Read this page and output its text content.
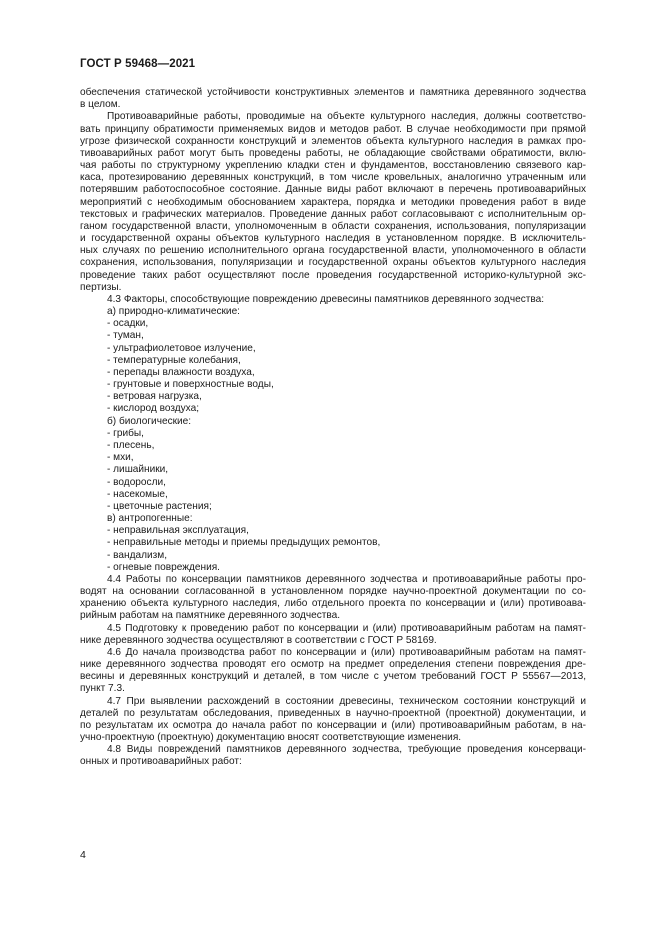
ГОСТ Р 59468—2021
обеспечения статической устойчивости конструктивных элементов и памятника деревянного зодчества
в целом.
Противоаварийные работы, проводимые на объекте культурного наследия, должны соответство-
вать принципу обратимости применяемых видов и методов работ. В случае необходимости при прямой
угрозе физической сохранности конструкций и элементов объекта культурного наследия в рамках про-
тивоаварийных работ могут быть проведены работы, не обладающие свойствами обратимости, вклю-
чая работы по структурному укреплению кладки стен и фундаментов, восстановлению связевого кар-
каса, протезированию деревянных конструкций, в том числе кровельных, аналогично утраченным или
потерявшим работоспособное состояние. Данные виды работ включают в перечень противоаварийных
мероприятий с необходимым обоснованием характера, порядка и методики проведения работ в виде
текстовых и графических материалов. Проведение данных работ согласовывают с исполнительным ор-
ганом государственной власти, уполномоченным в области сохранения, использования, популяризации
и государственной охраны объектов культурного наследия в установленном порядке. В исключитель-
ных случаях по решению исполнительного органа государственной власти, уполномоченного в области
сохранения, использования, популяризации и государственной охраны объектов культурного наследия
проведение таких работ осуществляют после проведения государственной историко-культурной экс-
пертизы.
4.3 Факторы, способствующие повреждению древесины памятников деревянного зодчества:
а) природно-климатические:
- осадки,
- туман,
- ультрафиолетовое излучение,
- температурные колебания,
- перепады влажности воздуха,
- грунтовые и поверхностные воды,
- ветровая нагрузка,
- кислород воздуха;
б) биологические:
- грибы,
- плесень,
- мхи,
- лишайники,
- водоросли,
- насекомые,
- цветочные растения;
в) антропогенные:
- неправильная эксплуатация,
- неправильные методы и приемы предыдущих ремонтов,
- вандализм,
- огневые повреждения.
4.4 Работы по консервации памятников деревянного зодчества и противоаварийные работы про-
водят на основании согласованной в установленном порядке научно-проектной документации по со-
хранению объекта культурного наследия, либо отдельного проекта по консервации и (или) противоава-
рийным работам на памятнике деревянного зодчества.
4.5 Подготовку к проведению работ по консервации и (или) противоаварийным работам на памят-
нике деревянного зодчества осуществляют в соответствии с ГОСТ Р 58169.
4.6 До начала производства работ по консервации и (или) противоаварийным работам на памят-
нике деревянного зодчества проводят его осмотр на предмет определения степени повреждения дре-
весины и деревянных конструкций и деталей, в том числе с учетом требований ГОСТ Р 55567—2013,
пункт 7.3.
4.7 При выявлении расхождений в состоянии древесины, техническом состоянии конструкций и
деталей по результатам обследования, приведенных в научно-проектной (проектной) документации, и
по результатам их осмотра до начала работ по консервации и (или) противоаварийным работам, в на-
учно-проектную (проектную) документацию вносят соответствующие изменения.
4.8 Виды повреждений памятников деревянного зодчества, требующие проведения консерваци-
онных и противоаварийных работ:
4
